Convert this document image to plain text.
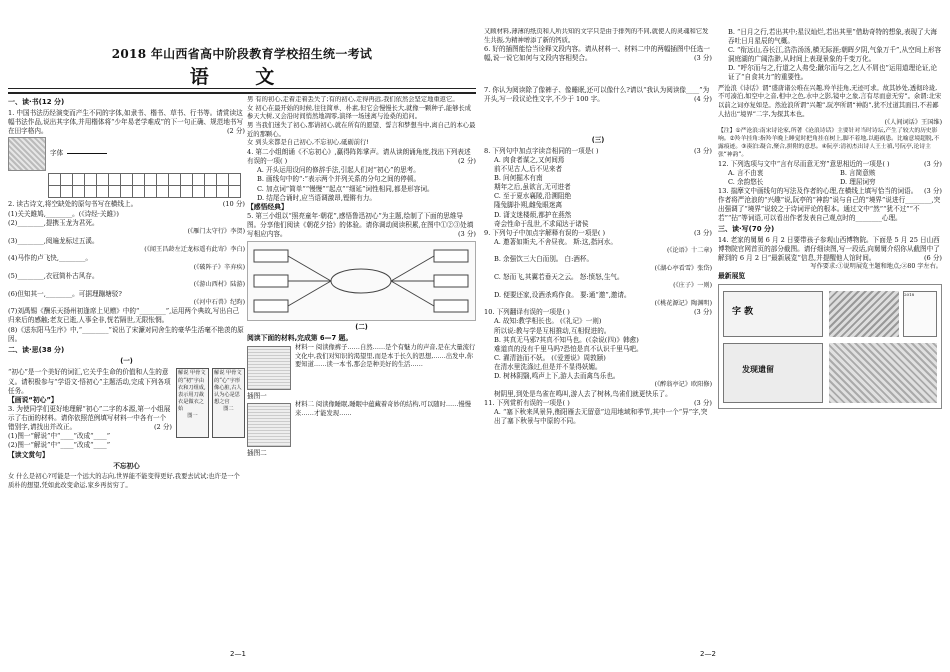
2018 年山西省高中阶段教育学校招生统一考试
语 文
一、读·书(12 分)
1. 中国书法历经演变而产生不同的字体,如隶书、楷书、草书、行书等。请赏读这幅书法作品,说出其字体,并用楷体将“少年易老学难成”的下一句正确、规范地书写在田字格内。	(2 分)
字体
2. 读古诗文,将空缺处的原句书写在横线上。	(10 分)
(1)关关雎鸠,________。(《诗经·关雎》)
(2)________,提携玉龙为君死。
(《雁门太守行》李贺)
(3)________,阅遍龙标过五溪。
(《闻王昌龄左迁龙标遥有此寄》李白)
(4)马作的卢飞快,________。
(《破阵子》辛弃疾)
(5)________,衣冠简朴古风存。
(《游山西村》陆游)
(6)但知其一,________。可据理蹦塘驳?
(《河中石兽》纪昀)
(7)刘禹锡《酬乐天扬州初逢席上见赠》中的“________”,运用两个典故,写出自己归来后的感触;老友已逝,人事全非,恍若隔世,无限怅惘。
(8)《送东阳马生序》中,“________”说出了宋濂对同舍生的豪华生活毫不艳羡的原因。
二、读·思(38 分)
(一)
解说 甲骨文的“初”字由衣和刀组成,表示用刀裁衣是做衣之始
图一
解说 甲骨文的“心”字形像心脏,古人认为心是思想之官
图二
“初心”是一个美好的词汇,它关乎生命的价值和人生的意义。请积极参与“学语文·悟初心”主题活动,完成下列各项任务。
【画说“初心”】
3. 为使同学们更好地理解“初心”二字的本源,第一小组展示了右面的材料。请你依照范例填写材料一中各有一个错别字,请找出并改正。	(2 分)
(1)图一“解说”中“____”改成“____”
(2)图一“解说”中“____”改成“____”
【读文赏句】
不忘初心
女 什么是初心?可能是一个远大的志向,世界能不能变得更好,我要去试试;也许是一个质朴的想望,凭如此改变命运,家乡再贫穷了。
男 有的初心,走着走着丢失了;有的初心,走得再远,我们依然会坚定地重返它。
女 初心在最开始的时候,往往简单、朴素,但它会慢慢长大,就像一颗种子,能够长成参天大树,又会沿时间悄然地凋零,演绎一场迷离与沧桑的追问。
男 当我们迷失了初心,那请初心,就在所有的愿望、誓言和梦想当中,离自己的本心最近的那颗心。
女 到头来都是自己初心,不忘初心,砥砺前行!
4. 第二小组朗诵《不忘初心》,赢得阵阵掌声。请从读朗诵角度,找出下列表述有误的一项( )	(2 分)
A. 开头运用设问的修辞手法,引起人们对“初心”的思考。
B. 画线句中的“:”表示两个并列关系的分句之间的停顿。
C. 加点词“简单”“慢慢”“起点”“细延”词性相同,都是形容词。
D. 结尾合诵时,应当语调激昂,铿锵有力。
【感悟经典】
5. 第三小组以“照亮童年·朝花”,感悟鲁迅初心”为主题,绘制了下面的思维导图。分享他们阅读《朝花夕拾》的体验。请你调动阅读积累,在图中①②③处填写相应内容。	(3 分)
(二)
阅读下面的材料,完成第 6—7 题。
材料一 阅读像裤子……自然……是个有魅力的声音,是在大量流行文化中,我们对知识的渴望里,而是本于长久的思想,……出发中,你要知道……读一本书,那会是种美好的生活……
插图一
材料二 阅读像睡眠,睡眠中蕴藏着奇妙的结构,可以随时……慢慢来……才能发现……
插图二
又顾材料,薄薄的纸页和人所共知的文字只是由于排列的不同,就使人的灵魂和它发生共振,为精神增添了新的钙质。
6. 好的插图能恰当诠释文段内容。请从材料一、材料二中的两幅插图中任选一幅,说一说它如何与文段内容相契合。	(3 分)
7. 你认为阅读除了像裤子、像睡眠,还可以像什么?请以“我认为阅读像____”为开头,写一段议论性文字,不少于 100 字。	(4 分)
(三)
8. 下列句中加点字读音相同的一项是( )	(3 分)
A. 肉食者谋之,又何间焉
前不见古人,后不见来者
B. 问何掘木有南
期年之后,虽欲言,无可进者
C. 至于夏水襄陵,沿溯阻绝
隆兔脚扑朔,雌兔眼迷离
D. 潇支迷楼烦,都护在燕然
奇会性命于乱世,不求闻达于诸侯
9. 下列句子中加点字解释有误的一项是( )	(3 分)
A. 邀著如斯夫,不舍昼夜。 斯:这,指河水。
(《论语》十二章)
B. 余强饮三大白而别。 白:酒杯。
(《湖心亭看雪》张岱)
C. 怒而飞,其翼若垂天之云。 怒:愤怒,生气。
(《庄子》一则)
D. 便要还家,设酒杀鸡作食。 要:通“邀”,邀请。
(《桃花源记》陶渊明)
10. 下列翻译有误的一项是( )	(3 分)
A. 故知:教学相长也。 (《礼记》一则)
所以说:教与学是互相推动,互相促进的。
B. 其真无马邪?其真不知马也。(《杂说(四)》韩愈)
难道真的没有千里马吗?恐怕是真不认识千里马吧。
C. 濯清涟而不妖。 (《爱莲说》周敦颐)
在清水里洗涤过,但是并不显得妖媚。
D. 树林阴翳,鸣声上下,游人去而禽鸟乐也。
(《醉翁亭记》欧阳修)
树阴里,到处是鸟雀在鸣叫,游人去了树林,鸟雀们就更快乐了。
11. 下列赏析有误的一项是( )	(3 分)
A. “塞下秋来风景异,衡阳雁去无留意”边用地域和季节,其中一个“异”字,突出了塞下秋景与中原的不同。
B. “日月之行,若出其中;星汉灿烂,若出其里”借助奇特的想象,表现了大海吞吐日月星辰的气概。
C. “衔远山,吞长江,浩浩汤汤,横无际涯;朝晖夕阴,气象万千”,从空间上形容洞庭湖的广阔浩渺,从时间上表现景象的千变万化。
D. “呼尔而与之,行道之人弗受;蹴尔而与之,乞人不屑也”运用道理论证,论证了“自食其力”的重要性。
严沧浪《诗话》谓“盛唐诸公唯在兴趣,羚羊挂角,无迹可求。故其妙处,透彻玲珑,不可凑泊,如空中之音,相中之色,水中之影,镜中之象,言有尽而意无穷”。余谓:北宋以前之词亦复如是。然沧浪所谓“兴趣”,阮亭所谓“神韵”,犹不过道其面目,不若鄙人拈出“境界”二字,为探其本也。
(《人间词话》王国维)
【注】①严沧浪:南宋诗论家,所著《沧浪诗话》主要针对当时诗坛,产生了较大的历史影响。②羚羊挂角:指羚羊晚上睡觉时把角挂在树上,脚不着地,以避祸患。比喻意境超脱,不露痕迹。③凑泊:凝合,聚合,拼附的意思。④阮亭:清初杰出诗人王士禛,号阮亭,论诗主张“神韵”。
12. 下列选项与文中“言有尽而意无穷”意思相近的一项是( )	(3 分)
A. 言不由衷	B. 言简意赅
C. 余韵悠长	D. 理屈词穷
13. 揣摩文中画线句的写法及作者的心理,在横线上填写恰当的词语。 (3 分)
作者将严沧浪的“兴趣”说,阮亭的“神韵”说与自己的“境界”说进行________,突出强调了“境界”说较之于诗词评论的根本。通过文中“然”“犹不过”“不若”“拈”等词语,可以看出作者发表自己观点时的________心理。
三、读·写(70 分)
14. 老家的舅舅 6 月 2 日要带孩子参观山西博物院。下面是 5 月 25 日山西博物院官网首页的部分截图。请仔细读图,写一段话,向舅舅介绍你从截图中了解到的 6 月 2 日“最新展览”信息,并提醒他人馆时间。	(6 分)
写作要求:①说明展览主题和地点;②80 字左右。
最新展览
字 教
2018
发现遗留
2—1	2—2
